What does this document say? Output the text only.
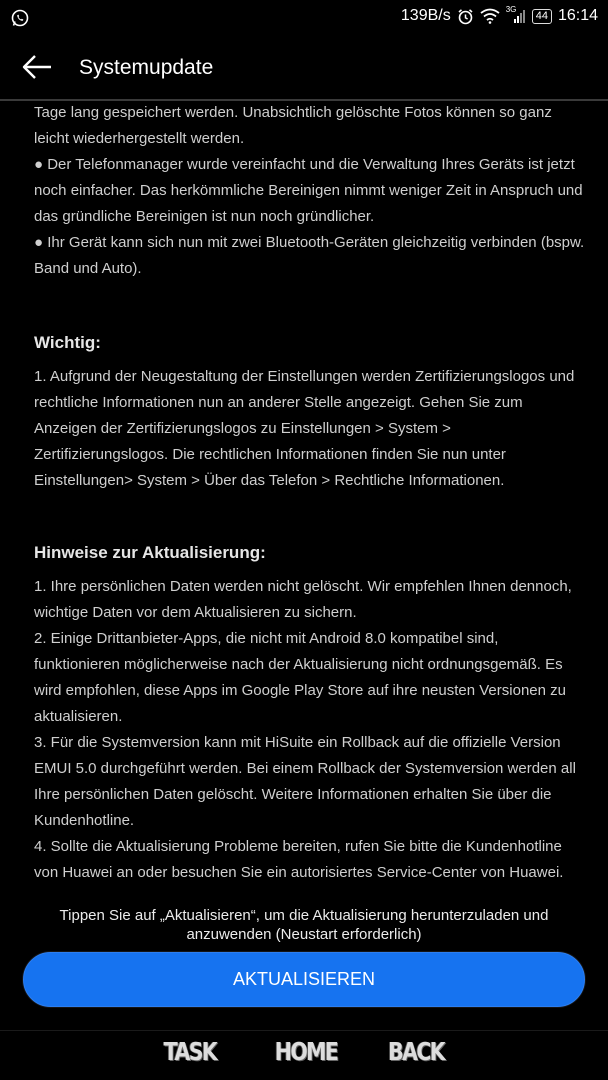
139B/s	3G	44 16:14
Systemupdate

Tage lang gespeichert werden. Unabsichtlich gelöschte Fotos können so ganz leicht wiederhergestellt werden.

● Der Telefonmanager wurde vereinfacht und die Verwaltung Ihres Geräts ist jetzt noch einfacher. Das herkömmliche Bereinigen nimmt weniger Zeit in Anspruch und das gründliche Bereinigen ist nun noch gründlicher.

● Ihr Gerät kann sich nun mit zwei Bluetooth-Geräten gleichzeitig verbinden (bspw. Band und Auto).

Wichtig:

1. Aufgrund der Neugestaltung der Einstellungen werden Zertifizierungslogos und rechtliche Informationen nun an anderer Stelle angezeigt. Gehen Sie zum Anzeigen der Zertifizierungslogos zu Einstellungen > System > Zertifizierungslogos. Die rechtlichen Informationen finden Sie nun unter Einstellungen> System > Über das Telefon > Rechtliche Informationen.

Hinweise zur Aktualisierung:

1. Ihre persönlichen Daten werden nicht gelöscht. Wir empfehlen Ihnen dennoch, wichtige Daten vor dem Aktualisieren zu sichern.

2. Einige Drittanbieter-Apps, die nicht mit Android 8.0 kompatibel sind, funktionieren möglicherweise nach der Aktualisierung nicht ordnungsgemäß. Es wird empfohlen, diese Apps im Google Play Store auf ihre neusten Versionen zu aktualisieren.

3. Für die Systemversion kann mit HiSuite ein Rollback auf die offizielle Version EMUI 5.0 durchgeführt werden. Bei einem Rollback der Systemversion werden all Ihre persönlichen Daten gelöscht. Weitere Informationen erhalten Sie über die Kundenhotline.

4. Sollte die Aktualisierung Probleme bereiten, rufen Sie bitte die Kundenhotline von Huawei an oder besuchen Sie ein autorisiertes Service-Center von Huawei.

Tippen Sie auf „Aktualisieren“, um die Aktualisierung herunterzuladen und anzuwenden (Neustart erforderlich)
AKTUALISIEREN
TASK HOME BACK
